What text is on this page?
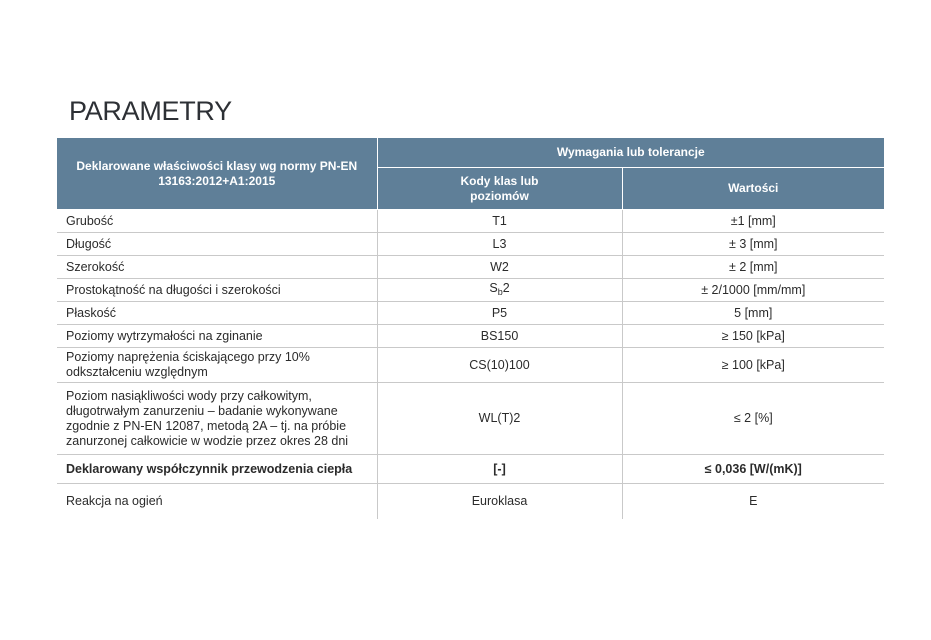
PARAMETRY
Deklarowane właściwości klasy wg normy PN-EN 13163:2012+A1:2015	Wymagania lub tolerancje	

	Kody klas lub poziomów	Wartości
Grubość	T1	±1 [mm]
Długość	L3	± 3 [mm]
Szerokość	W2	± 2 [mm]
Prostokątność na długości i szerokości	$S_b2$	± 2/1000 [mm/mm]
Płaskość	P5	5 [mm]
Poziomy wytrzymałości na zginanie	BS150	≥ 150 [kPa]
Poziomy naprężenia ściskającego przy 10% odkształceniu względnym	CS(10)100	≥ 100 [kPa]
Poziom nasiąkliwości wody przy całkowitym, długotrwałym zanurzeniu – badanie wykonywane zgodnie z PN-EN 12087, metodą 2A – tj. na próbie zanurzonej całkowicie w wodzie przez okres 28 dni	WL(T)2	≤ 2 [%]
Deklarowany współczynnik przewodzenia ciepła	[-]	≤ 0,036 [W/(mK)]
Reakcja na ogień	Euroklasa	E
